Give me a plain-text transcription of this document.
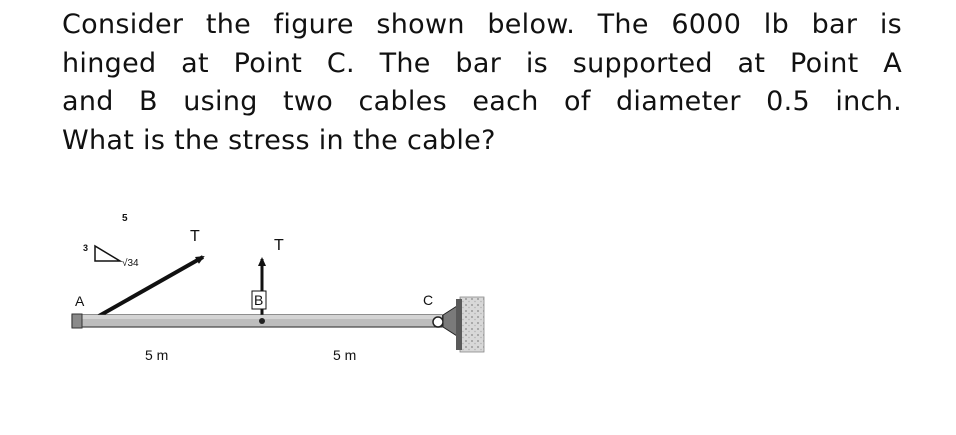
Consider the figure shown below. The 6000 lb bar is
hinged at Point C. The bar is supported at Point A
and B using two cables each of diameter 0.5 inch.
What is the stress in the cable?
5
3
√34
T
T
A	B	C
5 m	5 m
